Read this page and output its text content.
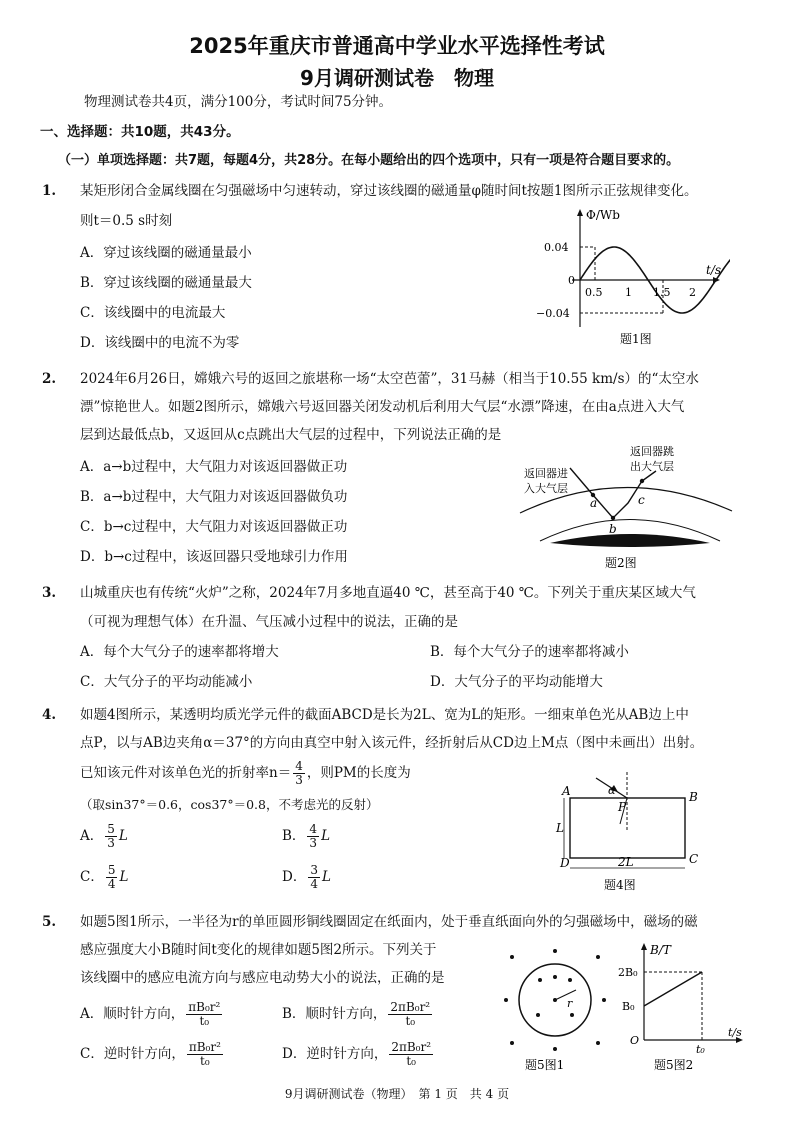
2025年重庆市普通高中学业水平选择性考试
9月调研测试卷　物理
物理测试卷共4页，满分100分，考试时间75分钟。
一、选择题：共10题，共43分。
（一）单项选择题：共7题，每题4分，共28分。在每小题给出的四个选项中，只有一项是符合题目要求的。
1. 某矩形闭合金属线圈在匀强磁场中匀速转动，穿过该线圈的磁通量φ随时间t按题1图所示正弦规律变化。
则t＝0.5 s时刻
A．穿过该线圈的磁通量最小
B．穿过该线圈的磁通量最大
C．该线圈中的电流最大
D．该线圈中的电流不为零
Φ/Wb
t/s
0.04
−0.04
0
0.5 1 1.5 2
题1图
2. 2024年6月26日，嫦娥六号的返回之旅堪称一场“太空芭蕾”，31马赫（相当于10.55 km/s）的“太空水
漂”惊艳世人。如题2图所示，嫦娥六号返回器关闭发动机后利用大气层“水漂”降速，在由a点进入大气
层到达最低点b，又返回从c点跳出大气层的过程中，下列说法正确的是
A．a→b过程中，大气阻力对该返回器做正功
B．a→b过程中，大气阻力对该返回器做负功
C．b→c过程中，大气阻力对该返回器做正功
D．b→c过程中，该返回器只受地球引力作用
a
b
c
返回器进
入大气层
返回器跳
出大气层
题2图
3. 山城重庆也有传统“火炉”之称，2024年7月多地直逼40 ℃，甚至高于40 ℃。下列关于重庆某区域大气
（可视为理想气体）在升温、气压减小过程中的说法，正确的是
A．每个大气分子的速率都将增大	B．每个大气分子的速率都将减小
C．大气分子的平均动能减小	D．大气分子的平均动能增大
4. 如题4图所示，某透明均质光学元件的截面ABCD是长为2L、宽为L的矩形。一细束单色光从AB边上中
点P，以与AB边夹角α＝37°的方向由真空中射入该元件，经折射后从CD边上M点（图中未画出）出射。
已知该元件对该单色光的折射率$n= \frac{4}{3}$ ，则PM的长度为
（取sin37°＝0.6，cos37°＝0.8，不考虑光的反射）
A． $\frac{5}{3}$ L	B． $\frac{4}{3}$ L
C． $\frac{5}{4}$ L	D． $\frac{3}{4}$ L
A	B
C
D
P
α
L
2L
题4图
5. 如题5图1所示，一半径为r的单匝圆形铜线圈固定在纸面内，处于垂直纸面向外的匀强磁场中，磁场的磁
感应强度大小B随时间t变化的规律如题5图2所示。下列关于
该线圈中的感应电流方向与感应电动势大小的说法，正确的是
A．顺时针方向， $\frac{\text{πB₀r²}}{\text{t₀}}$	B．顺时针方向， $\frac{\text{2πB₀r²}}{\text{t₀}}$
C．逆时针方向， $\frac{\text{πB₀r²}}{\text{t₀}}$	D．逆时针方向， $\frac{\text{2πB₀r²}}{\text{t₀}}$
r
题5图1
B/T
t/s
2B₀
B₀
O
t₀
题5图2
9月调研测试卷（物理）　第 1 页　共 4 页
